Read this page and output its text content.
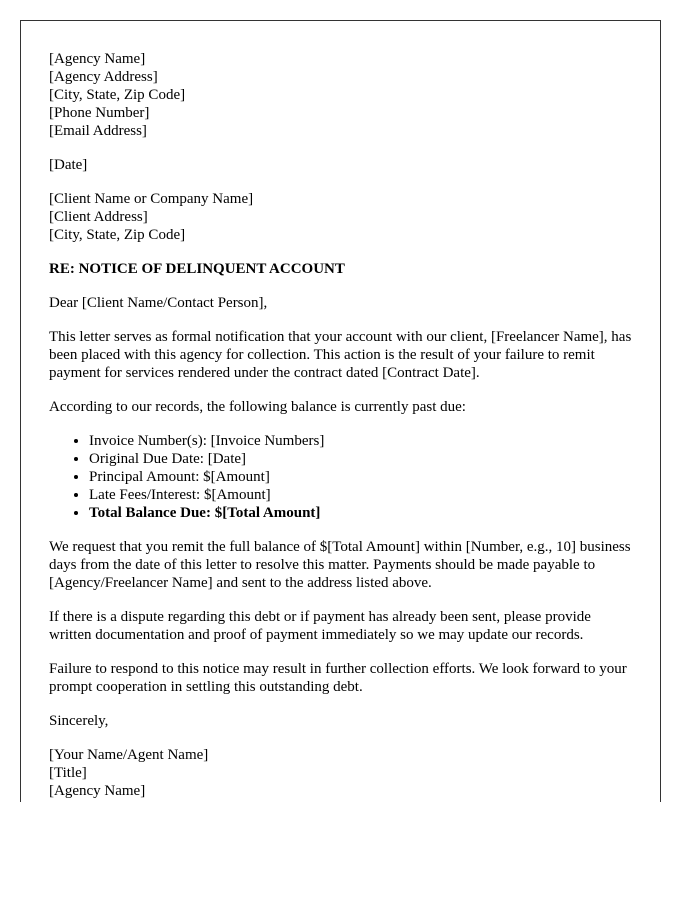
[Agency Name]
[Agency Address]
[City, State, Zip Code]
[Phone Number]
[Email Address]

[Date]

[Client Name or Company Name]
[Client Address]
[City, State, Zip Code]

RE: NOTICE OF DELINQUENT ACCOUNT

Dear [Client Name/Contact Person],

This letter serves as formal notification that your account with our client, [Freelancer Name], has been placed with this agency for collection. This action is the result of your failure to remit payment for services rendered under the contract dated [Contract Date].

According to our records, the following balance is currently past due:

• Invoice Number(s): [Invoice Numbers]
• Original Due Date: [Date]
• Principal Amount: $[Amount]
• Late Fees/Interest: $[Amount]
• Total Balance Due: $[Total Amount]

We request that you remit the full balance of $[Total Amount] within [Number, e.g., 10] business days from the date of this letter to resolve this matter. Payments should be made payable to [Agency/Freelancer Name] and sent to the address listed above.

If there is a dispute regarding this debt or if payment has already been sent, please provide written documentation and proof of payment immediately so we may update our records.

Failure to respond to this notice may result in further collection efforts. We look forward to your prompt cooperation in settling this outstanding debt.

Sincerely,

[Your Name/Agent Name]
[Title]
[Agency Name]
